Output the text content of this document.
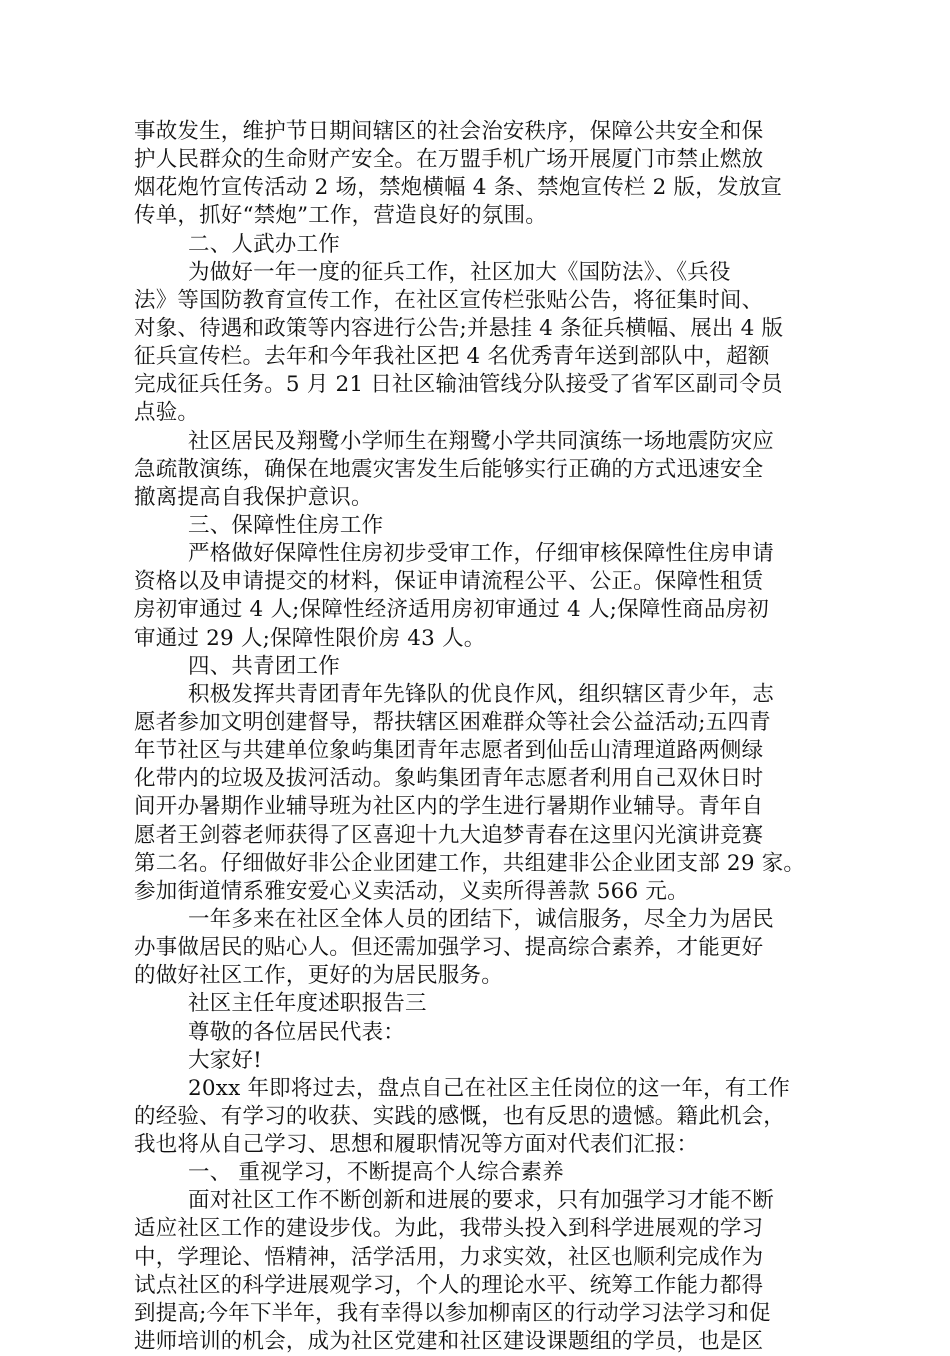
事故发生，维护节日期间辖区的社会治安秩序，保障公共安全和保
护人民群众的生命财产安全。在万盟手机广场开展厦门市禁止燃放
烟花炮竹宣传活动 2 场，禁炮横幅 4 条、禁炮宣传栏 2 版，发放宣
传单，抓好“禁炮”工作，营造良好的氛围。
二、人武办工作
为做好一年一度的征兵工作，社区加大《国防法》、《兵役
法》等国防教育宣传工作，在社区宣传栏张贴公告，将征集时间、
对象、待遇和政策等内容进行公告;并悬挂 4 条征兵横幅、展出 4 版
征兵宣传栏。去年和今年我社区把 4 名优秀青年送到部队中，超额
完成征兵任务。5 月 21 日社区输油管线分队接受了省军区副司令员
点验。
社区居民及翔鹭小学师生在翔鹭小学共同演练一场地震防灾应
急疏散演练，确保在地震灾害发生后能够实行正确的方式迅速安全
撤离提高自我保护意识。
三、保障性住房工作
严格做好保障性住房初步受审工作，仔细审核保障性住房申请
资格以及申请提交的材料，保证申请流程公平、公正。保障性租赁
房初审通过 4 人;保障性经济适用房初审通过 4 人;保障性商品房初
审通过 29 人;保障性限价房 43 人。
四、共青团工作
积极发挥共青团青年先锋队的优良作风，组织辖区青少年，志
愿者参加文明创建督导，帮扶辖区困难群众等社会公益活动;五四青
年节社区与共建单位象屿集团青年志愿者到仙岳山清理道路两侧绿
化带内的垃圾及拔河活动。象屿集团青年志愿者利用自己双休日时
间开办暑期作业辅导班为社区内的学生进行暑期作业辅导。青年自
愿者王剑蓉老师获得了区喜迎十九大追梦青春在这里闪光演讲竞赛
第二名。仔细做好非公企业团建工作，共组建非公企业团支部 29 家。
参加街道情系雅安爱心义卖活动，义卖所得善款 566 元。
一年多来在社区全体人员的团结下，诚信服务，尽全力为居民
办事做居民的贴心人。但还需加强学习、提高综合素养，才能更好
的做好社区工作，更好的为居民服务。
社区主任年度述职报告三
尊敬的各位居民代表：
大家好!
20xx 年即将过去，盘点自己在社区主任岗位的这一年，有工作
的经验、有学习的收获、实践的感慨，也有反思的遗憾。籍此机会，
我也将从自己学习、思想和履职情况等方面对代表们汇报：
一、 重视学习，不断提高个人综合素养
面对社区工作不断创新和进展的要求，只有加强学习才能不断
适应社区工作的建设步伐。为此，我带头投入到科学进展观的学习
中，学理论、悟精神，活学活用，力求实效，社区也顺利完成作为
试点社区的科学进展观学习，个人的理论水平、统筹工作能力都得
到提高;今年下半年，我有幸得以参加柳南区的行动学习法学习和促
进师培训的机会，成为社区党建和社区建设课题组的学员，也是区
